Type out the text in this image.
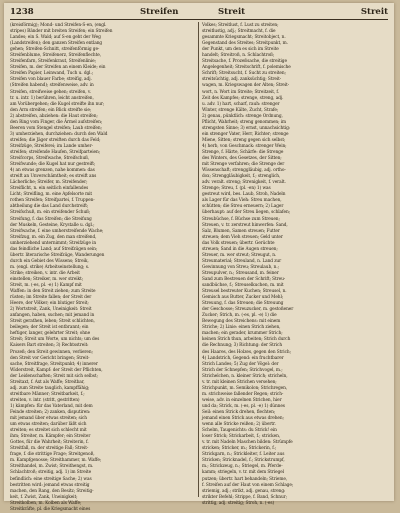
1238	Streifen	Streit	Streit
(kreisförmig); Mond- und Streifen-S-en, (engl.
stripes) Bänder mit breiten Streifen; ein Streifen
Landes; ein S. Wald; auf S-en geht der Weg
(Landstreifen); den ganzen Streifen entlang
gehen; Streifen-Schnitt, streifenförmig ge-
Streifenblume, Streifenerz, Streifenflechte,
Streifenfarn, Streifenkraut, Streifenlinie;
Streifen, m. der Streifen an einem Kleide; ein
Streifen Papier, Leinwand, Tuch u. dgl.;
Streifen von blauer Farbe; streifig, adj.
(Streifen habend); streifenweise, adv. in
Streifen, streifweise gehen; streifen, v.
tr. u. intr. 1) berühren, leicht anstreifen,
am Vorübergehen; die Kugel streifte ihn nur;
den Arm streifen; ein Blick streifte sie;
2) abstreifen, abziehen: die Haut streifen;
den Ring vom Finger, die Ärmel aufstreifen;
Beeren vom Stengel streifen; Laub streifen;
3) umherziehen, durchziehen: durch den Wald
streifen; die Jäger streiften durch das Feld;
Streifzüge, Streiferei; im Lande umher-
streifen; streifende Haufen, Streifparteien;
Streifcorps, Streifwache, Streifschuß,
Streifwunde; die Kugel hat nur gestreift;
4) an etwas grenzen, nahe kommen: das
streift an Unverschämtheit; es streift ans
Lächerliche; Streifer, m. Streifender;
Streiflicht, n. ein seitlich einfallendes
Licht; Streifling, m. eine Apfelsorte mit
rothen Streifen; Streifpartei, f. Truppen-
abtheilung die das Land durchstreift;
Streifschuß, m. ein streifender Schuß;
Streifung, f. das Streifen; die Streifung
der Muskeln, Gesteine, Krystalle u. dgl.;
Streifwache, f. eine umherstreifende Wache;
Streifzug, m. ein Zug, den man streifend,
umherziehend unternimmt; Streifzüge in
das feindliche Land; auf Streifzügen sein;
übertr. literarische Streifzüge, Wanderungen
durch ein Gebiet des Wissens; Streik,
m. (engl. strike) Arbeitseinstellung; s.
Strike; streiken, v. intr. die Arbeit
einstellen; Streiker, m. wer streikt;
Streit, m. (-es, pl. -e) 1) Kampf mit
Waffen: in den Streit ziehen; zum Streite
rüsten; im Streite fallen; der Streit der
Heere, der Völker; ein blutiger Streit;
2) Wortstreit, Zank, Uneinigkeit: Streit
anfangen, haben, suchen; mit jemand in
Streit gerathen, leben; Streit schlichten,
beilegen; der Streit ist entbrannt; ein
heftiger, langer, gelehrter Streit; ohne
Streit; Streit um Worte, um nichts; um des
Kaisers Bart streiten; 3) Rechtsstreit:
Prozeß; den Streit gewinnen, verlieren;
den Streit vor Gericht bringen; Streit-
sache, Streitfrage, Streitpunkt; 4) innerer
Widerstreit, Kampf: der Streit der Pflichten,
der Leidenschaften; Streit mit sich selbst;
Streitaxt, f. Axt als Waffe; Streitbar,
adj. zum Streite tauglich, kampffähig;
streitbare Männer; Streitbarkeit, f.;
streiten, v. intr. (stritt, gestritten)
1) kämpfen: für das Vaterland, mit dem
Feinde streiten; 2) zanken, disputiren:
mit jemand über etwas streiten; sich
um etwas streiten; darüber läßt sich
streiten; es streitet sich schlecht mit
ihm; Streiter, m. Kämpfer; ein Streiter
Gottes, für die Wahrheit; Streiterin, f.
Streitfall, m. der streitige Fall; Streit-
frage, f. die strittige Frage; Streitgenoß,
m. Kampfgenosse; Streithammer, m. Waffe;
Streithandel, m. Zwist; Streithengst, m.
Schlachtroß; streitig, adj. 1) im Streite
befindlich: eine streitige Sache; 2) was
bestritten wird: jemand etwas streitig
machen, den Rang, den Besitz; Streitig-
keit, f. Zwist, Zank, Uneinigkeit;
Streitkolben, m. Kolben als Waffe;
Streitkräfte, pl. die Kriegsmacht eines
Volkes; Streitlust, f. Lust zu streiten;
streitlustig, adj.; Streitmacht, f. die
gesammte Kriegsmacht; Streitobject, n.
Gegenstand des Streites; Streitpunkt, m.
der Punkt, um den es sich im Streite
handelt; Streitroß, n. Schlachtroß;
Streitsache, f. Prozeßsache, die streitige
Angelegenheit; Streitschrift, f. polemische
Schrift; Streitsucht, f. Sucht zu streiten;
streitsüchtig, adj. zanksüchtig; Streit-
wagen, m. Kriegswagen der Alten; Streit-
wort, n. Wort im Streite; Streitzeit, f.
Zeit des Kampfes; strenge, streng, adj.
u. adv. 1) hart, scharf, rauh: strenger
Winter, strenge Kälte, Zucht, Strafe;
2) genau, pünktlich: strenge Ordnung,
Pflicht, Wahrheit; streng genommen; im
strengsten Sinne; 3) ernst, unnachsichtig:
ein strenger Vater, Herr, Richter; strenge
Miene, Sitten; streng gegen sich selbst;
4) herb, von Geschmack: strenger Wein;
Strenge, f. Härte, Schärfe: die Strenge
des Winters, des Gesetzes, der Sitten;
mit Strenge verfahren; die Strenge der
Wissenschaft; strenggläubig, adj. ortho-
dox; Strenggläubigkeit, f.; strenglich,
adv. veralt. streng; Strenigkeit, f. veralt.
Strenge; Streu, f. (pl. -en) 1) was
gestreut wird, bes. Laub, Stroh, Nadeln
als Lager für das Vieh: Streu machen,
schütten; die Streu erneuern; 2) Lager
überhaupt: auf der Streu liegen, schlafen;
Streubüchse, f. Büchse zum Streuen;
Streuen, v. tr. zerstreut hinwerfen: Sand,
Salz, Blumen, Samen streuen; Futter
streuen; dem Vieh streuen; Geld unter
das Volk streuen; übertr. Gerüchte
streuen; Sand in die Augen streuen;
Streuer, m. wer streut; Streugut, n.
Streumaterial; Streuland, n. Land zur
Gewinnung von Streu; Streulaub, n.;
Streupulver, n.; Streusand, m. feiner
Sand zum Bestreuen der Schrift; Streu-
sandbüchse, f.; Streuselkuchen, m. mit
Streusel bestreuter Kuchen; Streusel, n.
Gemisch aus Butter, Zucker und Mehl;
Streuung, f. das Streuen; die Streuung
der Geschosse; Streuzucker, m. gestoßener
Zucker; Strich, m. (-es, pl. -e) 1) die
Bewegung des Streichens: mit einem
Striche; 2) Linie: einen Strich ziehen,
machen; ein gerader, krummer Strich;
keinen Strich thun, arbeiten; Strich durch
die Rechnung; 3) Richtung: der Strich
des Haares, des Holzes, gegen den Strich;
4) Landstrich, Gegend: ein fruchtbarer
Strich Landes; 5) Zug der Vögel: der
Strich der Schnepfen; Strichvogel, m.;
Strichelchen, n. kleiner Strich; stricheln,
v. tr. mit kleinen Strichen versehen;
Strichpunkt, m. Semikolon; Strichregen,
m. strichweise fallender Regen; strich-
weise, adv. in einzelnen Strichen, hier
und da; Strick, m. (-es, pl. -e) 1) dünnes
Seil: einen Strick drehen, flechten;
jemand einen Strick aus etwas drehen;
wenn alle Stricke reißen; 2) übertr.
Schelm, Taugenichts: du Strick! ein
loser Strick; Strickarbeit, f.; stricken,
v. tr. mit Nadeln Maschen bilden: Strümpfe
stricken; Stricker, m.; Strickerin, f.;
Strickgarn, n.; Strickleiter, f. Leiter aus
Stricken; Stricknadel, f.; Strickstrumpf,
m.; Strickzeug, n.; Striegel, m. Pferde-
kamm; striegeln, v. tr. mit dem Striegel
putzen; übertr. hart behandeln; Strieme,
f. Streifen auf der Haut von einem Schlage;
striemig, adj.; strikt, adj. genau, streng:
strikter Befehl; Strippe, f. Band, Schnur;
strittig, adj. streitig; Stroh, n. (-es)
